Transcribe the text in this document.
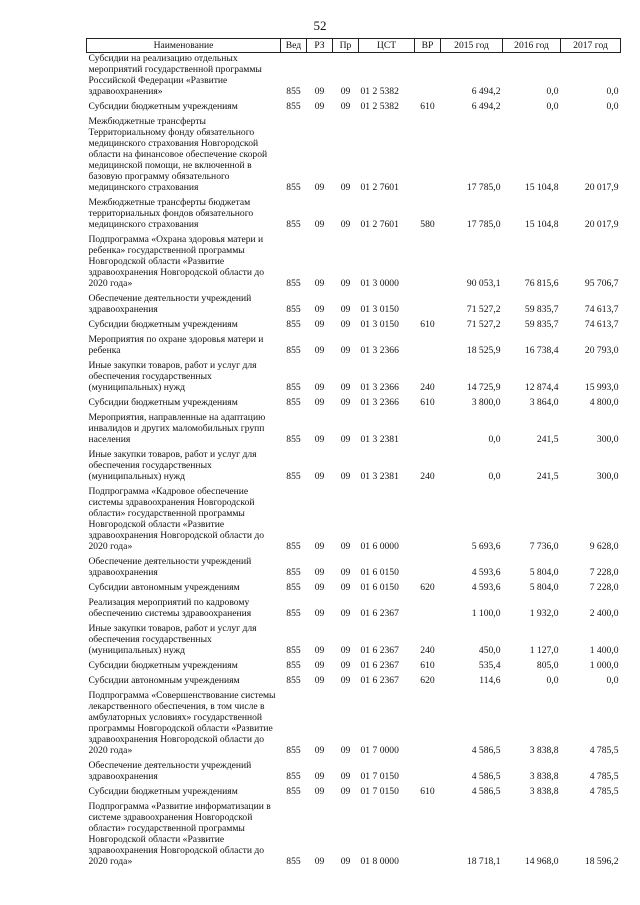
52
Наименование	Вед	РЗ	Пр	ЦСТ	ВР	2015 год	2016 год	2017 год
Субсидии на реализацию отдельных мероприятий государственной программы Российской Федерации «Развитие здравоохранения»	855	09	09	01 2 5382		6 494,2	0,0	0,0
Субсидии бюджетным учреждениям	855	09	09	01 2 5382	610	6 494,2	0,0	0,0
Межбюджетные трансферты Территориальному фонду обязательного медицинского страхования Новгородской области на финансовое обеспечение скорой медицинской помощи, не включенной в базовую программу обязательного медицинского страхования	855	09	09	01 2 7601		17 785,0	15 104,8	20 017,9
Межбюджетные трансферты бюджетам территориальных фондов обязательного медицинского страхования	855	09	09	01 2 7601	580	17 785,0	15 104,8	20 017,9
Подпрограмма «Охрана здоровья матери и ребенка» государственной программы Новгородской области «Развитие здравоохранения Новгородской области до 2020 года»	855	09	09	01 3 0000		90 053,1	76 815,6	95 706,7
Обеспечение деятельности учреждений здравоохранения	855	09	09	01 3 0150		71 527,2	59 835,7	74 613,7
Субсидии бюджетным учреждениям	855	09	09	01 3 0150	610	71 527,2	59 835,7	74 613,7
Мероприятия по охране здоровья матери и ребенка	855	09	09	01 3 2366		18 525,9	16 738,4	20 793,0
Иные закупки товаров, работ и услуг для обеспечения государственных (муниципальных) нужд	855	09	09	01 3 2366	240	14 725,9	12 874,4	15 993,0
Субсидии бюджетным учреждениям	855	09	09	01 3 2366	610	3 800,0	3 864,0	4 800,0
Мероприятия, направленные на адаптацию инвалидов и других маломобильных групп населения	855	09	09	01 3 2381		0,0	241,5	300,0
Иные закупки товаров, работ и услуг для обеспечения государственных (муниципальных) нужд	855	09	09	01 3 2381	240	0,0	241,5	300,0
Подпрограмма «Кадровое обеспечение системы здравоохранения Новгородской области» государственной программы Новгородской области «Развитие здравоохранения Новгородской области до 2020 года»	855	09	09	01 6 0000		5 693,6	7 736,0	9 628,0
Обеспечение деятельности учреждений здравоохранения	855	09	09	01 6 0150		4 593,6	5 804,0	7 228,0
Субсидии автономным учреждениям	855	09	09	01 6 0150	620	4 593,6	5 804,0	7 228,0
Реализация мероприятий по кадровому обеспечению системы здравоохранения	855	09	09	01 6 2367		1 100,0	1 932,0	2 400,0
Иные закупки товаров, работ и услуг для обеспечения государственных (муниципальных) нужд	855	09	09	01 6 2367	240	450,0	1 127,0	1 400,0
Субсидии бюджетным учреждениям	855	09	09	01 6 2367	610	535,4	805,0	1 000,0
Субсидии автономным учреждениям	855	09	09	01 6 2367	620	114,6	0,0	0,0
Подпрограмма «Совершенствование системы лекарственного обеспечения, в том числе в амбулаторных условиях» государственной программы Новгородской области «Развитие здравоохранения Новгородской области до 2020 года»	855	09	09	01 7 0000		4 586,5	3 838,8	4 785,5
Обеспечение деятельности учреждений здравоохранения	855	09	09	01 7 0150		4 586,5	3 838,8	4 785,5
Субсидии бюджетным учреждениям	855	09	09	01 7 0150	610	4 586,5	3 838,8	4 785,5
Подпрограмма «Развитие информатизации в системе здравоохранения Новгородской области» государственной программы Новгородской области «Развитие здравоохранения Новгородской области до 2020 года»	855	09	09	01 8 0000		18 718,1	14 968,0	18 596,2
